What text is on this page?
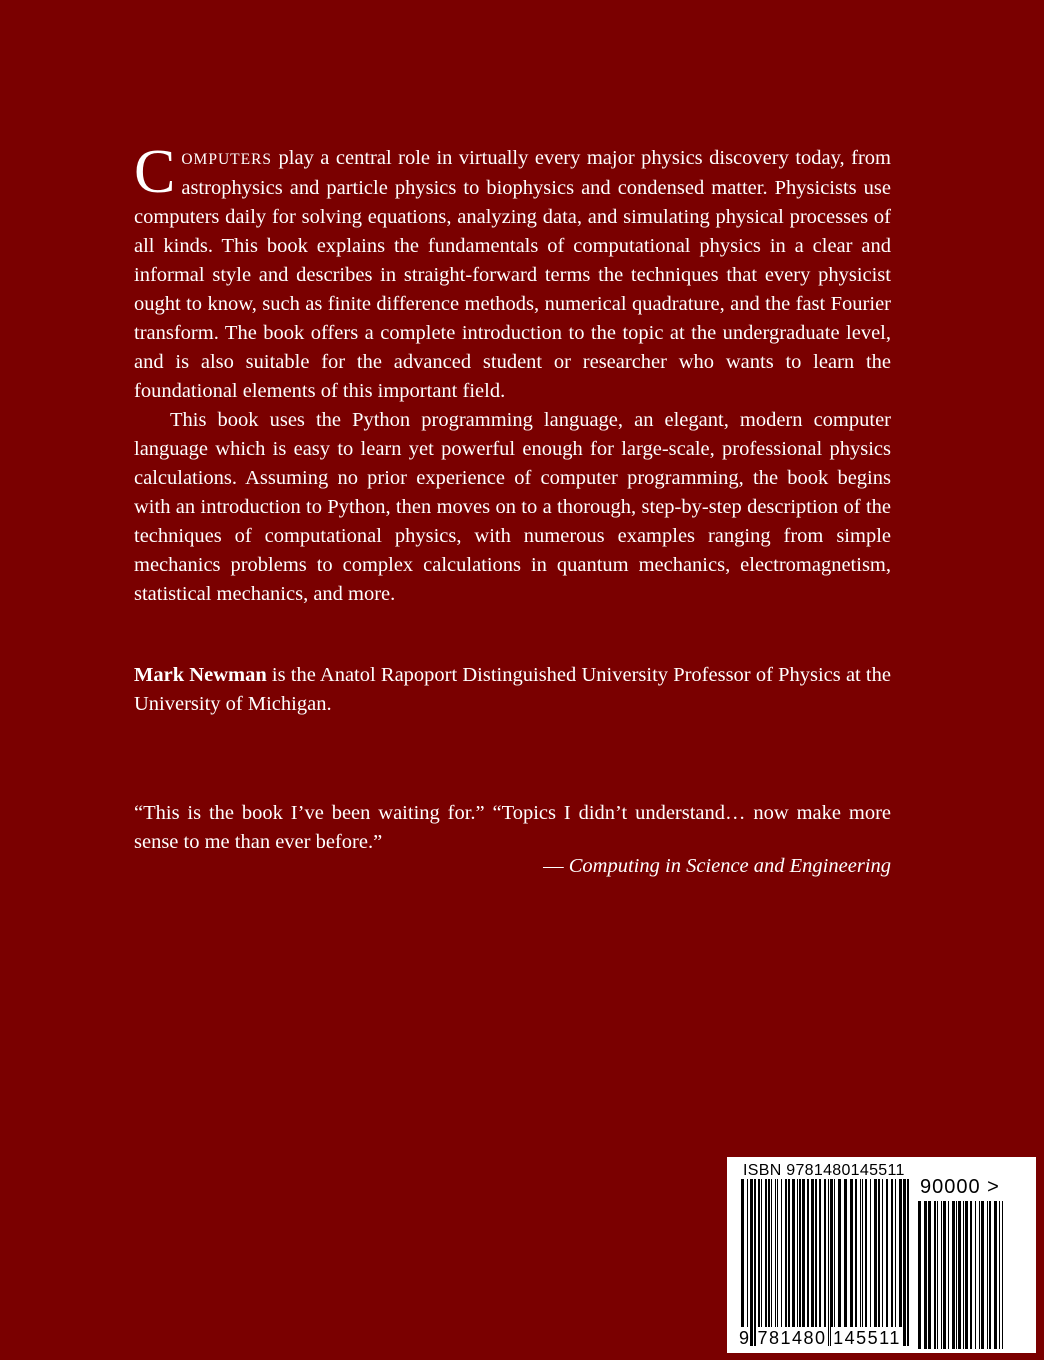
COMPUTERS play a central role in virtually every major physics discovery today, from astrophysics and particle physics to biophysics and condensed matter. Physicists use computers daily for solving equations, analyzing data, and simulating physical processes of all kinds. This book explains the fundamentals of computational physics in a clear and informal style and describes in straight-forward terms the techniques that every physicist ought to know, such as finite difference methods, numerical quadrature, and the fast Fourier transform. The book offers a complete introduction to the topic at the undergraduate level, and is also suitable for the advanced student or researcher who wants to learn the foundational elements of this important field.

This book uses the Python programming language, an elegant, modern computer language which is easy to learn yet powerful enough for large-scale, professional physics calculations. Assuming no prior experience of computer programming, the book begins with an introduction to Python, then moves on to a thorough, step-by-step description of the techniques of computational physics, with numerous examples ranging from simple mechanics problems to complex calculations in quantum mechanics, electromagnetism, statistical mechanics, and more.

Mark Newman is the Anatol Rapoport Distinguished University Professor of Physics at the University of Michigan.

“This is the book I’ve been waiting for.” “Topics I didn’t understand… now make more sense to me than ever before.”

— Computing in Science and Engineering

ISBN 9781480145511
90000 >
9 781480 145511
